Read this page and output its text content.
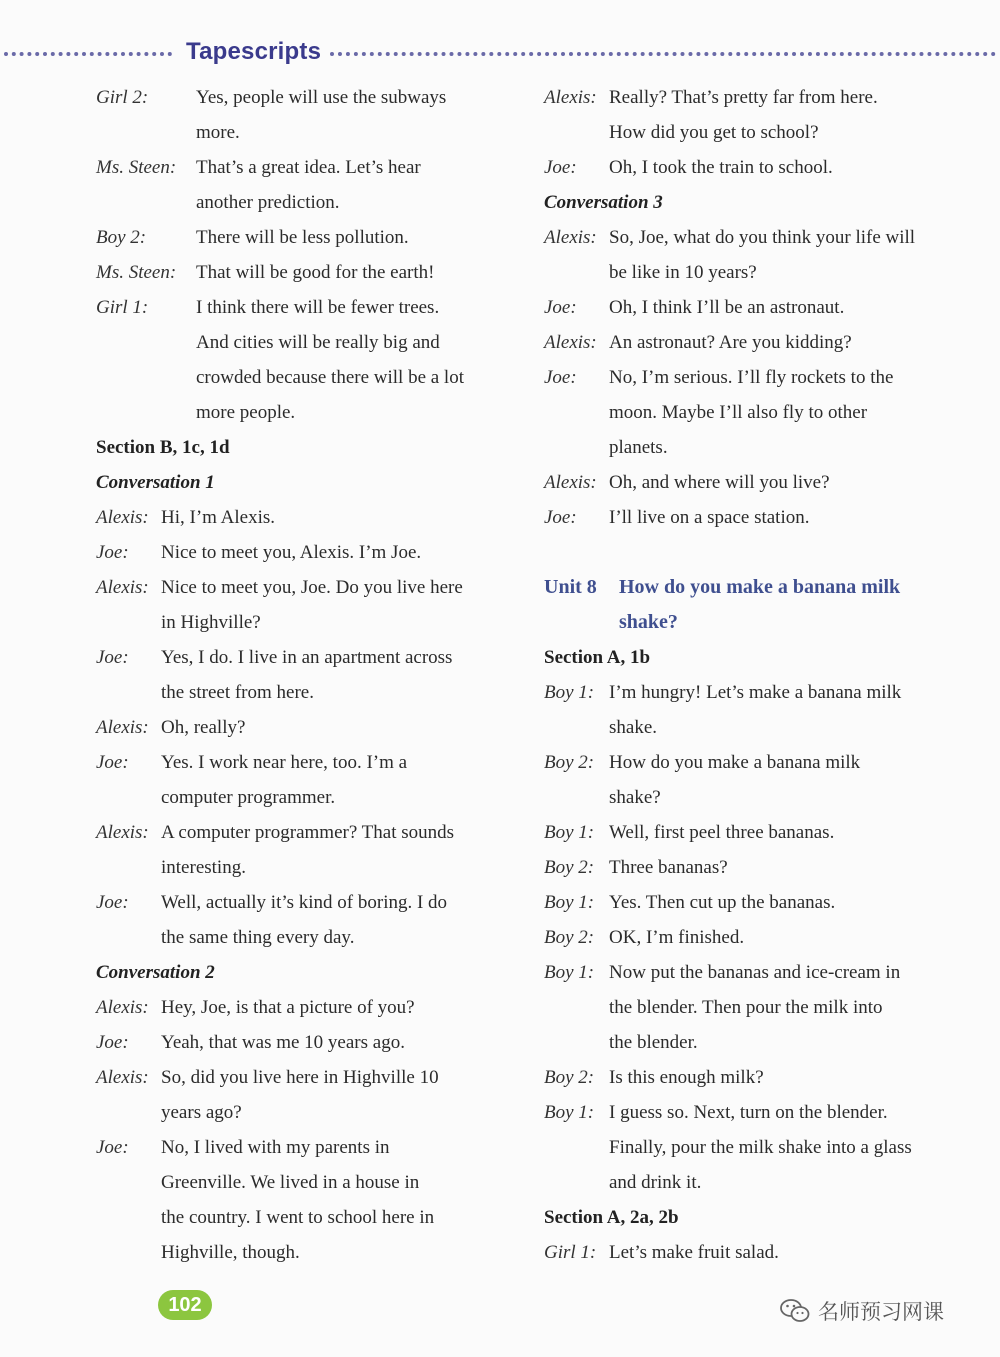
Tapescripts
Girl 2:	Yes, people will use the subways
more.
Ms. Steen: That’s a great idea. Let’s hear
another prediction.
Boy 2:	There will be less pollution.
Ms. Steen: That will be good for the earth!
Girl 1:	I think there will be fewer trees.
And cities will be really big and
crowded because there will be a lot
more people.
Section B, 1c, 1d
Conversation 1
Alexis: Hi, I’m Alexis.
Joe: Nice to meet you, Alexis. I’m Joe.
Alexis: Nice to meet you, Joe. Do you live here
in Highville?
Joe: Yes, I do. I live in an apartment across
the street from here.
Alexis: Oh, really?
Joe: Yes. I work near here, too. I’m a
computer programmer.
Alexis: A computer programmer? That sounds
interesting.
Joe: Well, actually it’s kind of boring. I do
the same thing every day.
Conversation 2
Alexis: Hey, Joe, is that a picture of you?
Joe: Yeah, that was me 10 years ago.
Alexis: So, did you live here in Highville 10
years ago?
Joe: No, I lived with my parents in
Greenville. We lived in a house in
the country. I went to school here in
Highville, though.
Alexis: Really? That’s pretty far from here.
How did you get to school?
Joe: Oh, I took the train to school.
Conversation 3
Alexis: So, Joe, what do you think your life will
be like in 10 years?
Joe: Oh, I think I’ll be an astronaut.
Alexis: An astronaut? Are you kidding?
Joe: No, I’m serious. I’ll fly rockets to the
moon. Maybe I’ll also fly to other
planets.
Alexis: Oh, and where will you live?
Joe: I’ll live on a space station.
Unit 8 How do you make a banana milk
shake?
Section A, 1b
Boy 1: I’m hungry! Let’s make a banana milk
shake.
Boy 2: How do you make a banana milk
shake?
Boy 1: Well, first peel three bananas.
Boy 2: Three bananas?
Boy 1: Yes. Then cut up the bananas.
Boy 2: OK, I’m finished.
Boy 1: Now put the bananas and ice-cream in
the blender. Then pour the milk into
the blender.
Boy 2: Is this enough milk?
Boy 1: I guess so. Next, turn on the blender.
Finally, pour the milk shake into a glass
and drink it.
Section A, 2a, 2b
Girl 1: Let’s make fruit salad.
102	名师预习网课
